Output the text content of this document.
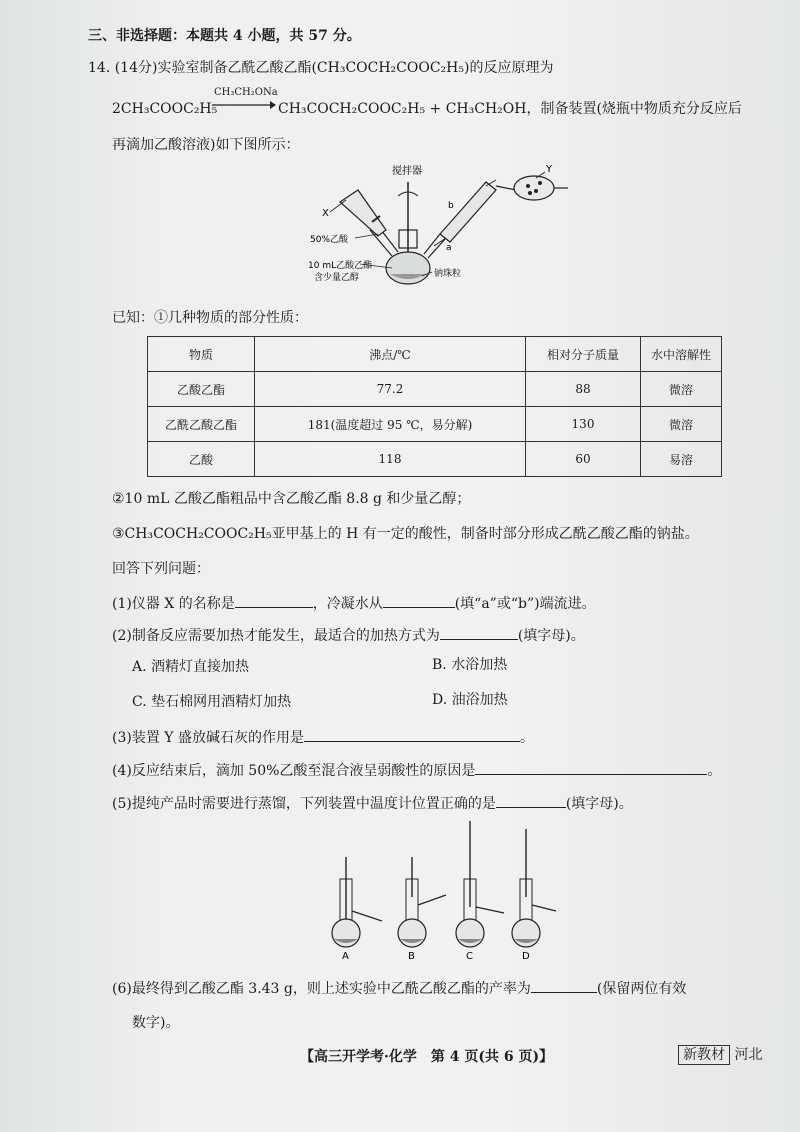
三、非选择题：本题共 4 小题，共 57 分。
14. (14分)实验室制备乙酰乙酸乙酯(CH₃COCH₂COOC₂H₅)的反应原理为
2CH₃COOC₂H₅
CH₃CH₂ONa
→ CH₃COCH₂COOC₂H₅ + CH₃CH₂OH，制备装置(烧瓶中物质充分反应后
再滴加乙酸溶液)如下图所示：
搅拌器	Y
X
b
a
50%乙酸
10 mL乙酸乙酯
含少量乙醇	钠珠粒
已知：①几种物质的部分性质：
物质	沸点/℃	相对分子质量	水中溶解性
乙酸乙酯	77.2	88	微溶
乙酰乙酸乙酯	181(温度超过 95 ℃，易分解)	130	微溶
乙酸	118	60	易溶
②10 mL 乙酸乙酯粗品中含乙酸乙酯 8.8 g 和少量乙醇；
③CH₃COCH₂COOC₂H₅亚甲基上的 H 有一定的酸性，制备时部分形成乙酰乙酸乙酯的钠盐。
回答下列问题：
(1)仪器 X 的名称是	，冷凝水从	(填“a”或“b”)端流进。
(2)制备反应需要加热才能发生，最适合的加热方式为	(填字母)。
A. 酒精灯直接加热	B. 水浴加热
C. 垫石棉网用酒精灯加热	D. 油浴加热
(3)装置 Y 盛放碱石灰的作用是	。
(4)反应结束后，滴加 50%乙酸至混合液呈弱酸性的原因是	。
(5)提纯产品时需要进行蒸馏，下列装置中温度计位置正确的是	(填字母)。
A	B	C	D
(6)最终得到乙酸乙酯 3.43 g，则上述实验中乙酰乙酸乙酯的产率为	(保留两位有效
数字)。
【高三开学考·化学　第 4 页(共 6 页)】	新教材 河北
